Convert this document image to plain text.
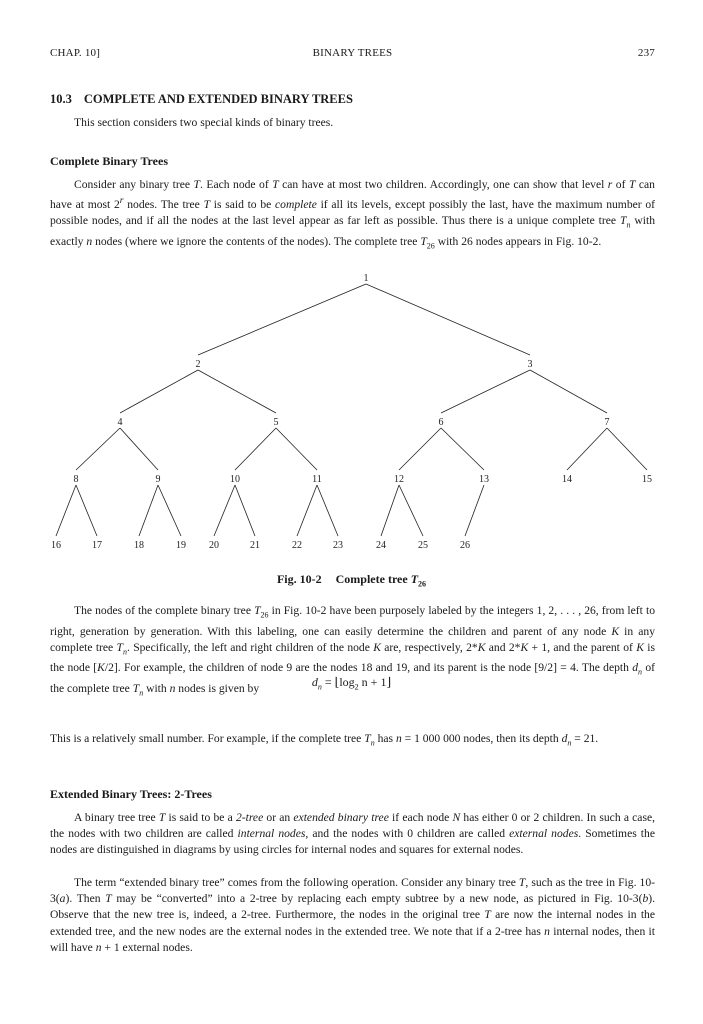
CHAP. 10]	BINARY TREES	237
10.3 COMPLETE AND EXTENDED BINARY TREES
This section considers two special kinds of binary trees.
Complete Binary Trees
Consider any binary tree T. Each node of T can have at most two children. Accordingly, one can show that level r of T can have at most 2$^r$ nodes. The tree T is said to be complete if all its levels, except possibly the last, have the maximum number of possible nodes, and if all the nodes at the last level appear as far left as possible. Thus there is a unique complete tree $T_n$ with exactly n nodes (where we ignore the contents of the nodes). The complete tree $T_{26}$ with 26 nodes appears in Fig. 10-2.
1
2	3
4	5	6	7
8	9	10	11	12	13	14	15
16	17	18	19 20	21	22	23	24	25	26
Fig. 10-2 Complete tree $T_{26}$
The nodes of the complete binary tree $T_{26}$ in Fig. 10-2 have been purposely labeled by the integers 1, 2, . . . , 26, from left to right, generation by generation. With this labeling, one can easily determine the children and parent of any node K in any complete tree $T_n$. Specifically, the left and right children of the node K are, respectively, 2*K and 2*K + 1, and the parent of K is the node [K/2]. For example, the children of node 9 are the nodes 18 and 19, and its parent is the node [9/2] = 4. The depth $d_n$ of the complete tree $T_n$ with n nodes is given by	$d_n$ = $⌊\log_2$ n + 1⌋
This is a relatively small number. For example, if the complete tree $T_n$ has n = 1 000 000 nodes, then its depth $d_n = 21$.
Extended Binary Trees: 2-Trees
A binary tree tree T is said to be a 2-tree or an extended binary tree if each node N has either 0 or 2 children. In such a case, the nodes with two children are called internal nodes, and the nodes with 0 children are called external nodes. Sometimes the nodes are distinguished in diagrams by using circles for internal nodes and squares for external nodes.
The term “extended binary tree” comes from the following operation. Consider any binary tree T, such as the tree in Fig. 10-3(a). Then T may be “converted” into a 2-tree by replacing each empty subtree by a new node, as pictured in Fig. 10-3(b). Observe that the new tree is, indeed, a 2-tree. Furthermore, the nodes in the original tree T are now the internal nodes in the extended tree, and the new nodes are the external nodes in the extended tree. We note that if a 2-tree has n internal nodes, then it will have n + 1 external nodes.
